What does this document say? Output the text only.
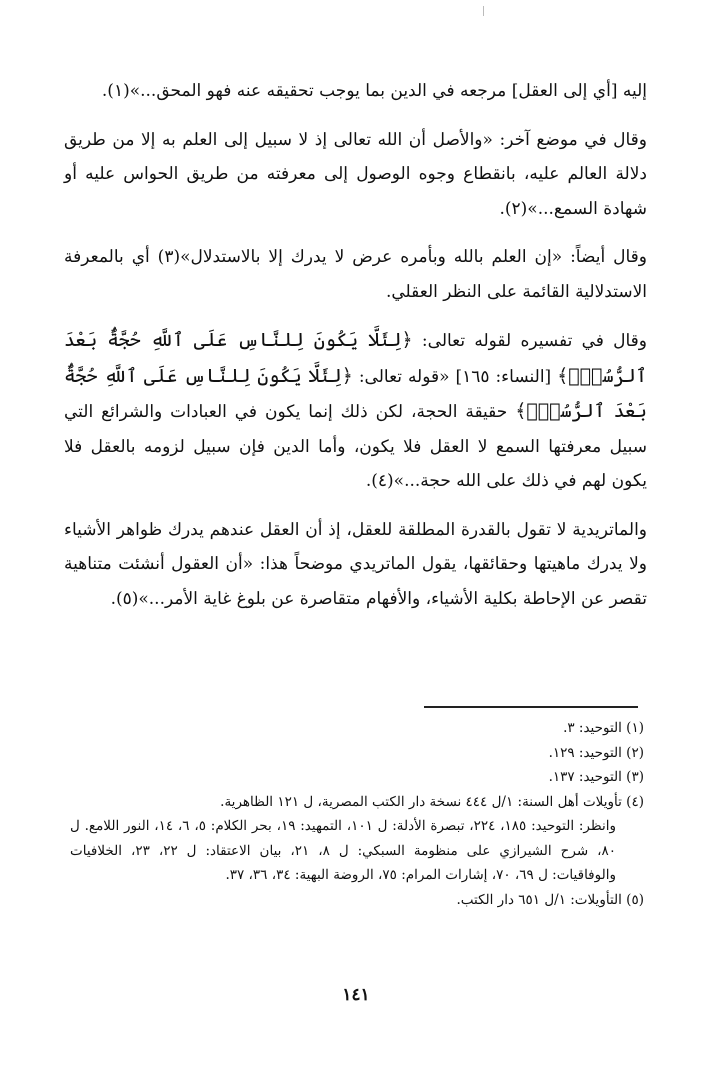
إليه [أي إلى العقل] مرجعه في الدين بما يوجب تحقيقه عنه فهو المحق...»(١).

وقال في موضع آخر: «والأصل أن الله تعالى إذ لا سبيل إلى العلم به إلا من طريق دلالة العالم عليه، بانقطاع وجوه الوصول إلى معرفته من طريق الحواس عليه أو شهادة السمع...»(٢).

وقال أيضاً: «إن العلم بالله وبأمره عرض لا يدرك إلا بالاستدلال»(٣) أي بالمعرفة الاستدلالية القائمة على النظر العقلي.

وقال في تفسيره لقوله تعالى: ﴿لِئَلَّا يَكُونَ لِلنَّاسِ عَلَى ٱللَّهِ حُجَّةٌۢ بَعْدَ ٱلرُّسُلِۚ﴾ [النساء: ١٦٥] «قوله تعالى: ﴿لِئَلَّا يَكُونَ لِلنَّاسِ عَلَى ٱللَّهِ حُجَّةٌۢ بَعْدَ ٱلرُّسُلِۚ﴾ حقيقة الحجة، لكن ذلك إنما يكون في العبادات والشرائع التي سبيل معرفتها السمع لا العقل فلا يكون، وأما الدين فإن سبيل لزومه بالعقل فلا يكون لهم في ذلك على الله حجة...»(٤).

والماتريدية لا تقول بالقدرة المطلقة للعقل، إذ أن العقل عندهم يدرك ظواهر الأشياء ولا يدرك ماهيتها وحقائقها، يقول الماتريدي موضحاً هذا: «أن العقول أنشئت متناهية تقصر عن الإحاطة بكلية الأشياء، والأفهام متقاصرة عن بلوغ غاية الأمر...»(٥).

(١) التوحيد: ٣.

(٢) التوحيد: ١٢٩.

(٣) التوحيد: ١٣٧.

(٤) تأويلات أهل السنة: ١/ل ٤٤٤ نسخة دار الكتب المصرية، ل ١٢١ الظاهرية.

وانظر: التوحيد: ١٨٥، ٢٢٤، تبصرة الأدلة: ل ١٠١، التمهيد: ١٩، بحر الكلام: ٥، ٦، ١٤، النور اللامع. ل ٨٠، شرح الشيرازي على منظومة السبكي: ل ٨، ٢١، بيان الاعتقاد: ل ٢٢، ٢٣، الخلافيات والوفاقيات: ل ٦٩، ٧٠، إشارات المرام: ٧٥، الروضة البهية: ٣٤، ٣٦، ٣٧.

(٥) التأويلات: ١/ل ٦٥١ دار الكتب.

١٤١
